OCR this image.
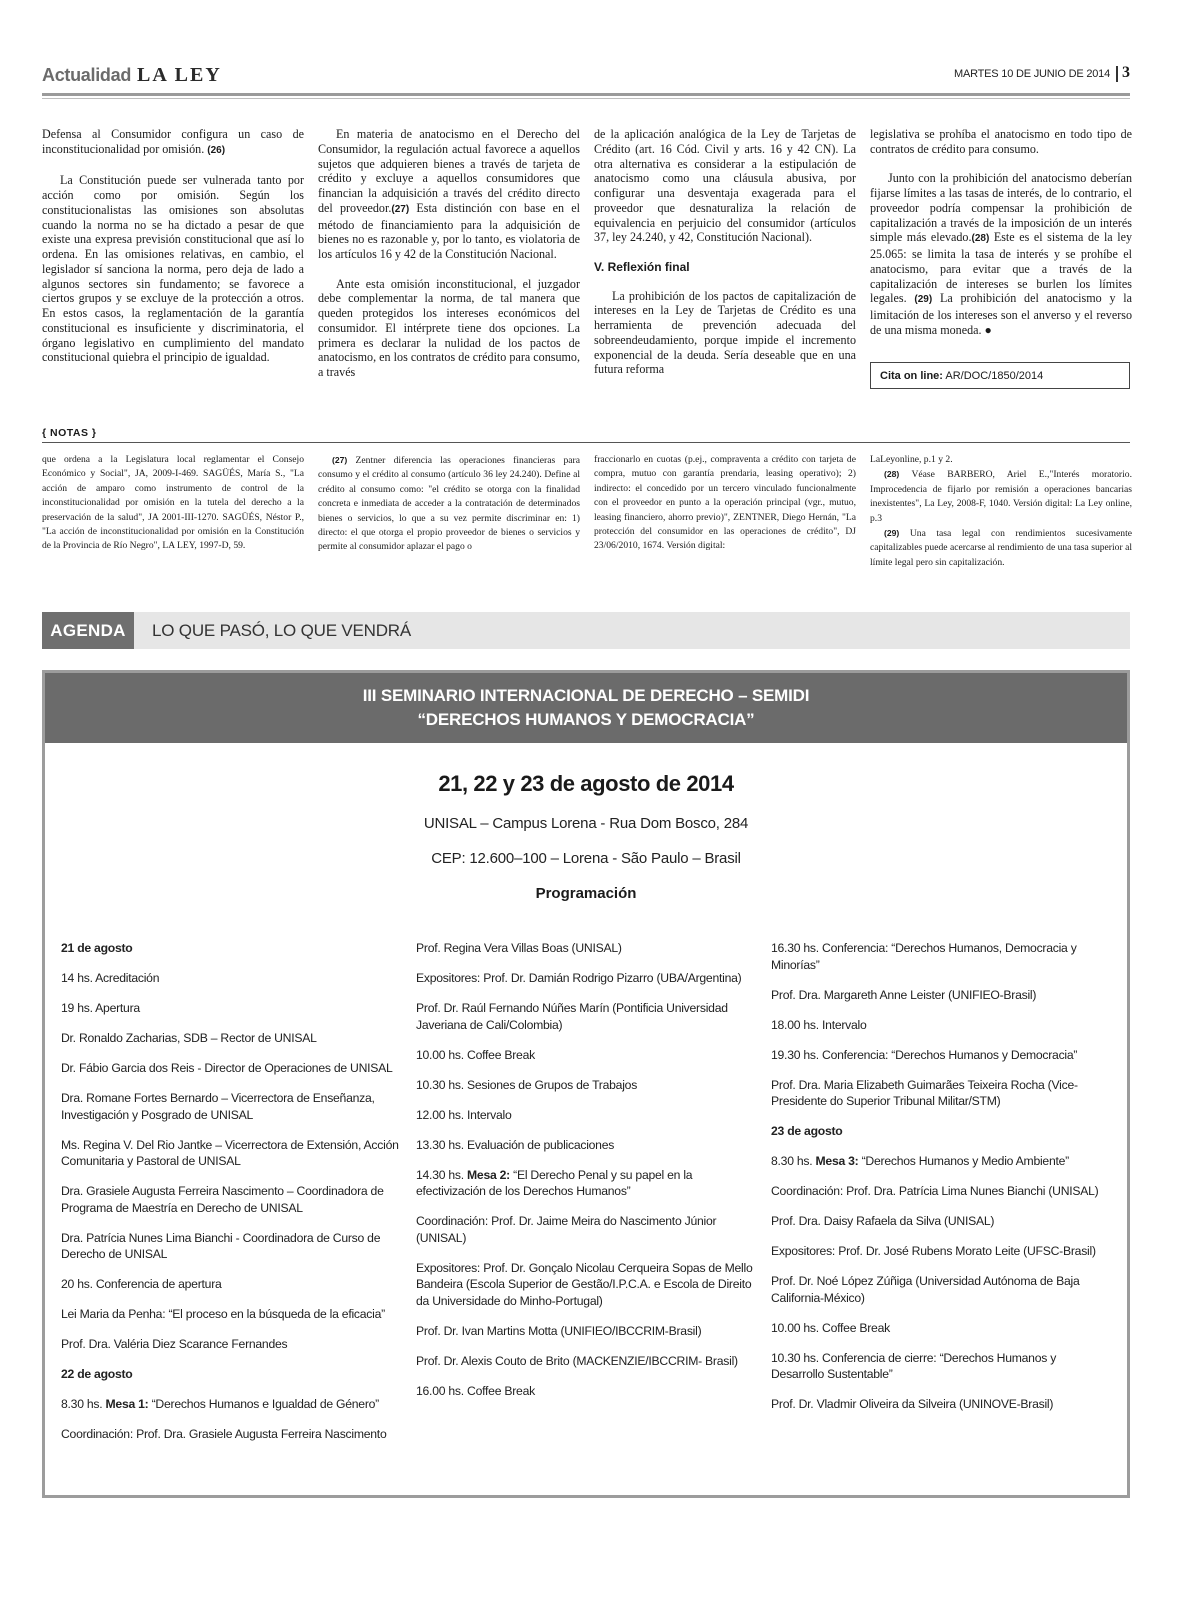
Actualidad LA LEY	MARTES 10 DE JUNIO DE 2014 3

Defensa al Consumidor configura un caso de inconstitucionalidad por omisión. (26)

La Constitución puede ser vulnerada tanto por acción como por omisión. Según los constitucionalistas las omisiones son absolutas cuando la norma no se ha dictado a pesar de que existe una expresa previsión constitucional que así lo ordena. En las omisiones relativas, en cambio, el legislador sí sanciona la norma, pero deja de lado a algunos sectores sin fundamento; se favorece a ciertos grupos y se excluye de la protección a otros. En estos casos, la reglamentación de la garantía constitucional es insuficiente y discriminatoria, el órgano legislativo en cumplimiento del mandato constitucional quiebra el principio de igualdad.

En materia de anatocismo en el Derecho del Consumidor, la regulación actual favorece a aquellos sujetos que adquieren bienes a través de tarjeta de crédito y excluye a aquellos consumidores que financian la adquisición a través del crédito directo del proveedor.(27) Esta distinción con base en el método de financiamiento para la adquisición de bienes no es razonable y, por lo tanto, es violatoria de los artículos 16 y 42 de la Constitución Nacional.

Ante esta omisión inconstitucional, el juzgador debe complementar la norma, de tal manera que queden protegidos los intereses económicos del consumidor. El intérprete tiene dos opciones. La primera es declarar la nulidad de los pactos de anatocismo, en los contratos de crédito para consumo, a través

de la aplicación analógica de la Ley de Tarjetas de Crédito (art. 16 Cód. Civil y arts. 16 y 42 CN). La otra alternativa es considerar a la estipulación de anatocismo como una cláusula abusiva, por configurar una desventaja exagerada para el proveedor que desnaturaliza la relación de equivalencia en perjuicio del consumidor (artículos 37, ley 24.240, y 42, Constitución Nacional).

V. Reflexión final

La prohibición de los pactos de capitalización de intereses en la Ley de Tarjetas de Crédito es una herramienta de prevención adecuada del sobreendeudamiento, porque impide el incremento exponencial de la deuda. Sería deseable que en una futura reforma

legislativa se prohíba el anatocismo en todo tipo de contratos de crédito para consumo.

Junto con la prohibición del anatocismo deberían fijarse límites a las tasas de interés, de lo contrario, el proveedor podría compensar la prohibición de capitalización a través de la imposición de un interés simple más elevado.(28) Este es el sistema de la ley 25.065: se limita la tasa de interés y se prohíbe el anatocismo, para evitar que a través de la capitalización de intereses se burlen los límites legales. (29) La prohibición del anatocismo y la limitación de los intereses son el anverso y el reverso de una misma moneda. ●

Cita on line: AR/DOC/1850/2014
{ NOTAS }

que ordena a la Legislatura local reglamentar el Consejo Económico y Social", JA, 2009-I-469. SAGÜÉS, María S., "La acción de amparo como instrumento de control de la inconstitucionalidad por omisión en la tutela del derecho a la preservación de la salud", JA 2001-III-1270. SAGÜÉS, Néstor P., "La acción de inconstitucionalidad por omisión en la Constitución de la Provincia de Río Negro", LA LEY, 1997-D, 59.

(27) Zentner diferencia las operaciones financieras para consumo y el crédito al consumo (artículo 36 ley 24.240). Define al crédito al consumo como: "el crédito se otorga con la finalidad concreta e inmediata de acceder a la contratación de determinados bienes o servicios, lo que a su vez permite discriminar en: 1) directo: el que otorga el propio proveedor de bienes o servicios y permite al consumidor aplazar el pago o

fraccionarlo en cuotas (p.ej., compraventa a crédito con tarjeta de compra, mutuo con garantía prendaria, leasing operativo); 2) indirecto: el concedido por un tercero vinculado funcionalmente con el proveedor en punto a la operación principal (vgr., mutuo, leasing financiero, ahorro previo)", ZENTNER, Diego Hernán, "La protección del consumidor en las operaciones de crédito", DJ 23/06/2010, 1674. Versión digital:

LaLeyonline, p.1 y 2.

(28) Véase BARBERO, Ariel E.,"Interés moratorio. Improcedencia de fijarlo por remisión a operaciones bancarias inexistentes", La Ley, 2008-F, 1040. Versión digital: La Ley online, p.3

(29) Una tasa legal con rendimientos sucesivamente capitalizables puede acercarse al rendimiento de una tasa superior al límite legal pero sin capitalización.

AGENDA	LO QUE PASÓ, LO QUE VENDRÁ
III SEMINARIO INTERNACIONAL DE DERECHO – SEMIDI
“DERECHOS HUMANOS Y DEMOCRACIA”
21, 22 y 23 de agosto de 2014
UNISAL – Campus Lorena - Rua Dom Bosco, 284
CEP: 12.600–100 – Lorena - São Paulo – Brasil
Programación
21 de agosto
14 hs. Acreditación
19 hs. Apertura
Dr. Ronaldo Zacharias, SDB – Rector de UNISAL
Dr. Fábio Garcia dos Reis - Director de Operaciones de UNISAL
Dra. Romane Fortes Bernardo – Vicerrectora de Enseñanza, Investigación y Posgrado de UNISAL
Ms. Regina V. Del Rio Jantke – Vicerrectora de Extensión, Acción Comunitaria y Pastoral de UNISAL
Dra. Grasiele Augusta Ferreira Nascimento – Coordinadora de Programa de Maestría en Derecho de UNISAL
Dra. Patrícia Nunes Lima Bianchi - Coordinadora de Curso de Derecho de UNISAL
20 hs. Conferencia de apertura
Lei Maria da Penha: “El proceso en la búsqueda de la eficacia”
Prof. Dra. Valéria Diez Scarance Fernandes
22 de agosto
8.30 hs. Mesa 1: “Derechos Humanos e Igualdad de Género”
Coordinación: Prof. Dra. Grasiele Augusta Ferreira Nascimento
Prof. Regina Vera Villas Boas (UNISAL)
Expositores: Prof. Dr. Damián Rodrigo Pizarro (UBA/Argentina)
Prof. Dr. Raúl Fernando Núñes Marín (Pontificia Universidad Javeriana de Cali/Colombia)
10.00 hs. Coffee Break
10.30 hs. Sesiones de Grupos de Trabajos
12.00 hs. Intervalo
13.30 hs. Evaluación de publicaciones
14.30 hs. Mesa 2: “El Derecho Penal y su papel en la efectivización de los Derechos Humanos”
Coordinación: Prof. Dr. Jaime Meira do Nascimento Júnior (UNISAL)
Expositores: Prof. Dr. Gonçalo Nicolau Cerqueira Sopas de Mello Bandeira (Escola Superior de Gestão/I.P.C.A. e Escola de Direito da Universidade do Minho-Portugal)
Prof. Dr. Ivan Martins Motta (UNIFIEO/IBCCRIM-Brasil)
Prof. Dr. Alexis Couto de Brito (MACKENZIE/IBCCRIM- Brasil)
16.00 hs. Coffee Break
16.30 hs. Conferencia: “Derechos Humanos, Democracia y Minorías”
Prof. Dra. Margareth Anne Leister (UNIFIEO-Brasil)
18.00 hs. Intervalo
19.30 hs. Conferencia: “Derechos Humanos y Democracia”
Prof. Dra. Maria Elizabeth Guimarães Teixeira Rocha (Vice-Presidente do Superior Tribunal Militar/STM)
23 de agosto
8.30 hs. Mesa 3: “Derechos Humanos y Medio Ambiente”
Coordinación: Prof. Dra. Patrícia Lima Nunes Bianchi (UNISAL)
Prof. Dra. Daisy Rafaela da Silva (UNISAL)
Expositores: Prof. Dr. José Rubens Morato Leite (UFSC-Brasil)
Prof. Dr. Noé López Zúñiga (Universidad Autónoma de Baja California-México)
10.00 hs. Coffee Break
10.30 hs. Conferencia de cierre: “Derechos Humanos y Desarrollo Sustentable”
Prof. Dr. Vladmir Oliveira da Silveira (UNINOVE-Brasil)
